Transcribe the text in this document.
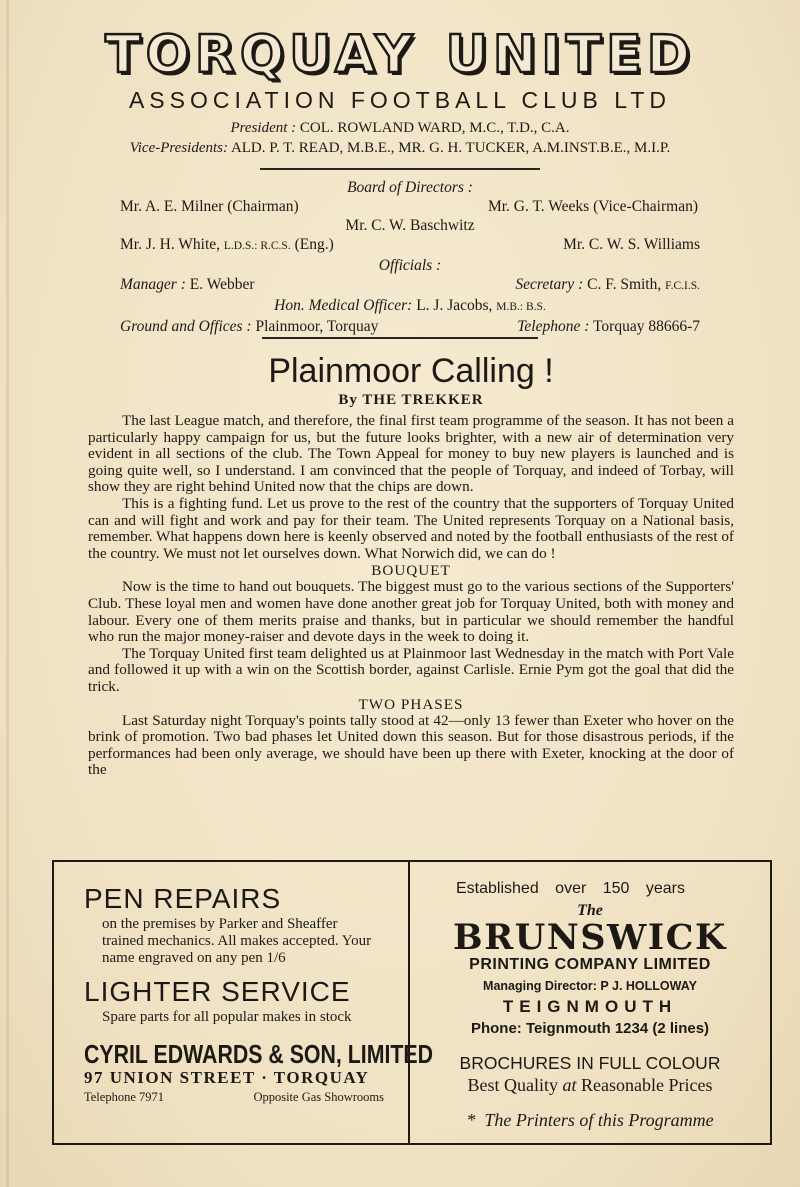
TORQUAY UNITED
ASSOCIATION FOOTBALL CLUB LTD
President : COL. ROWLAND WARD, M.C., T.D., C.A.
Vice-Presidents: ALD. P. T. READ, M.B.E., MR. G. H. TUCKER, A.M.INST.B.E., M.I.P.
Board of Directors :
Mr. A. E. Milner (Chairman)	Mr. G. T. Weeks (Vice-Chairman)
Mr. C. W. Baschwitz
Mr. J. H. White, L.D.S.: R.C.S. (Eng.)	Mr. C. W. S. Williams
Officials :
Manager : E. Webber	Secretary : C. F. Smith, F.C.I.S.
Hon. Medical Officer: L. J. Jacobs, M.B.: B.S.
Ground and Offices : Plainmoor, Torquay	Telephone : Torquay 88666-7
Plainmoor Calling !
By THE TREKKER

The last League match, and therefore, the final first team programme of the season. It has not been a particularly happy campaign for us, but the future looks brighter, with a new air of determination very evident in all sections of the club. The Town Appeal for money to buy new players is launched and is going quite well, so I understand. I am convinced that the people of Torquay, and indeed of Torbay, will show they are right behind United now that the chips are down.

This is a fighting fund. Let us prove to the rest of the country that the supporters of Torquay United can and will fight and work and pay for their team. The United represents Torquay on a National basis, remember. What happens down here is keenly observed and noted by the football enthusiasts of the rest of the country. We must not let ourselves down. What Norwich did, we can do !

BOUQUET

Now is the time to hand out bouquets. The biggest must go to the various sections of the Supporters' Club. These loyal men and women have done another great job for Torquay United, both with money and labour. Every one of them merits praise and thanks, but in particular we should remember the handful who run the major money-raiser and devote days in the week to doing it.

The Torquay United first team delighted us at Plainmoor last Wednesday in the match with Port Vale and followed it up with a win on the Scottish border, against Carlisle. Ernie Pym got the goal that did the trick.

TWO PHASES

Last Saturday night Torquay's points tally stood at 42—only 13 fewer than Exeter who hover on the brink of promotion. Two bad phases let United down this season. But for those disastrous periods, if the performances had been only average, we should have been up there with Exeter, knocking at the door of the

PEN REPAIRS
on the premises by Parker and Sheaffer trained mechanics. All makes accepted. Your name engraved on any pen 1/6
LIGHTER SERVICE
Spare parts for all popular makes in stock
CYRIL EDWARDS & SON, LIMITED
97 UNION STREET · TORQUAY
Telephone 7971	Opposite Gas Showrooms
Established over 150 years
The
BRUNSWICK
PRINTING COMPANY LIMITED
Managing Director: P J. HOLLOWAY
TEIGNMOUTH
Phone: Teignmouth 1234 (2 lines)
BROCHURES IN FULL COLOUR
Best Quality at Reasonable Prices
* The Printers of this Programme
